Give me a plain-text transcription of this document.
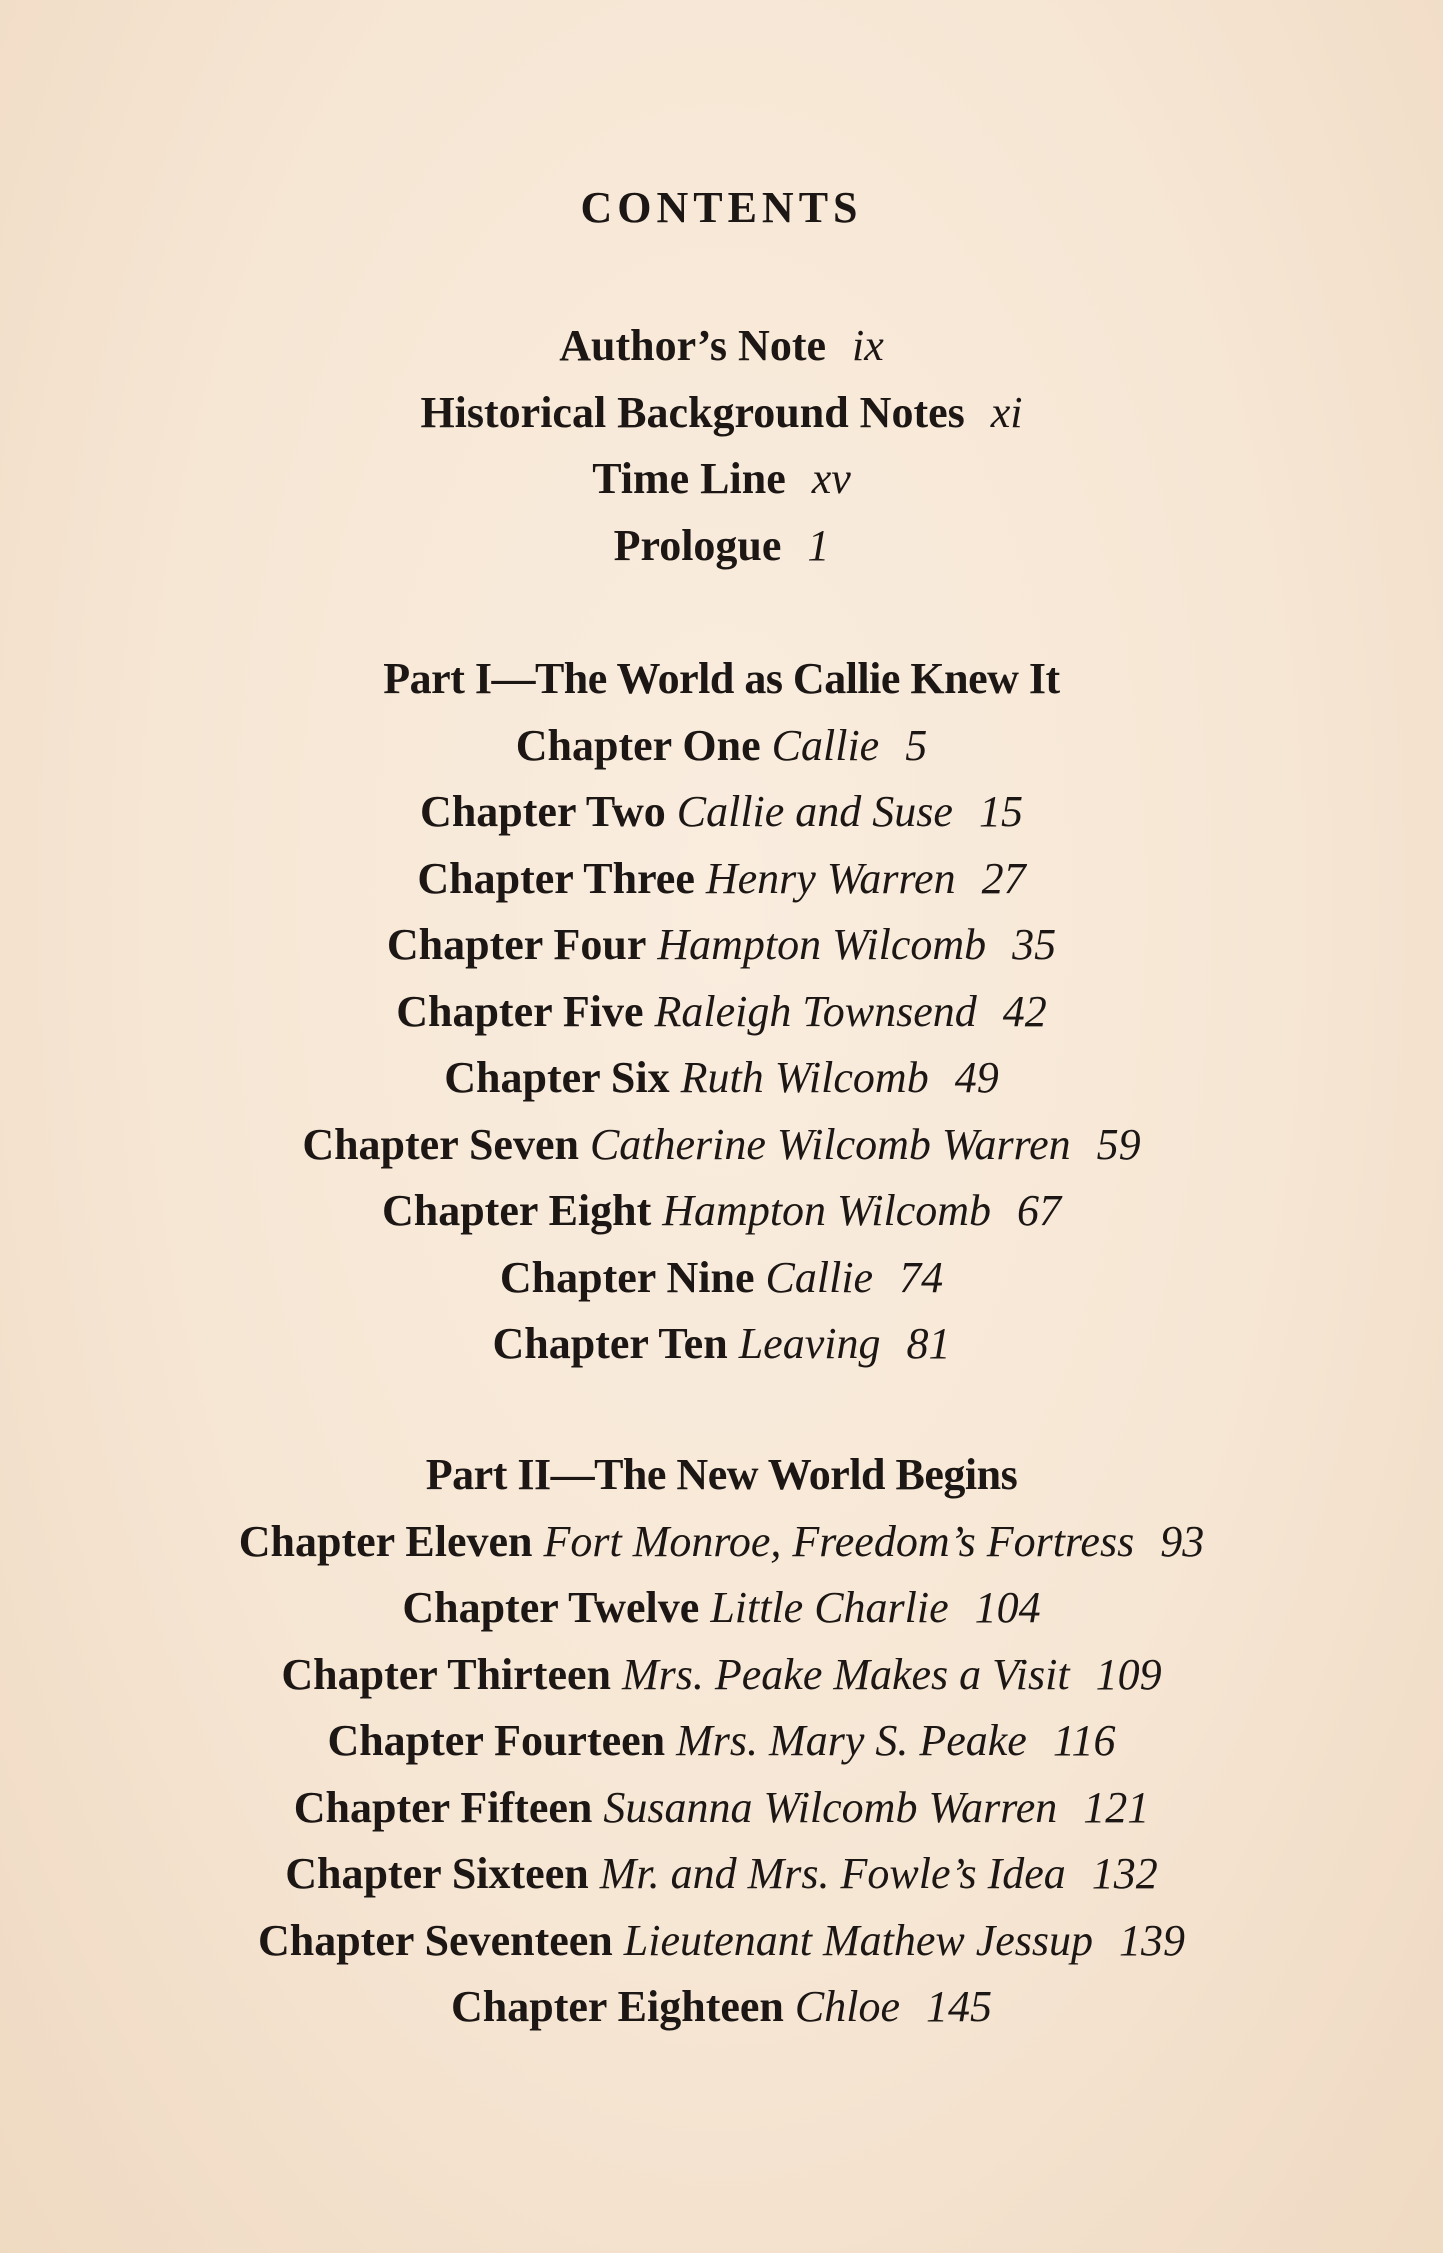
CONTENTS
Author’s Note ix
Historical Background Notes xi
Time Line xv
Prologue 1
Part I—The World as Callie Knew It
Chapter One Callie 5
Chapter Two Callie and Suse 15
Chapter Three Henry Warren 27
Chapter Four Hampton Wilcomb 35
Chapter Five Raleigh Townsend 42
Chapter Six Ruth Wilcomb 49
Chapter Seven Catherine Wilcomb Warren 59
Chapter Eight Hampton Wilcomb 67
Chapter Nine Callie 74
Chapter Ten Leaving 81
Part II—The New World Begins
Chapter Eleven Fort Monroe, Freedom’s Fortress 93
Chapter Twelve Little Charlie 104
Chapter Thirteen Mrs. Peake Makes a Visit 109
Chapter Fourteen Mrs. Mary S. Peake 116
Chapter Fifteen Susanna Wilcomb Warren 121
Chapter Sixteen Mr. and Mrs. Fowle’s Idea 132
Chapter Seventeen Lieutenant Mathew Jessup 139
Chapter Eighteen Chloe 145
